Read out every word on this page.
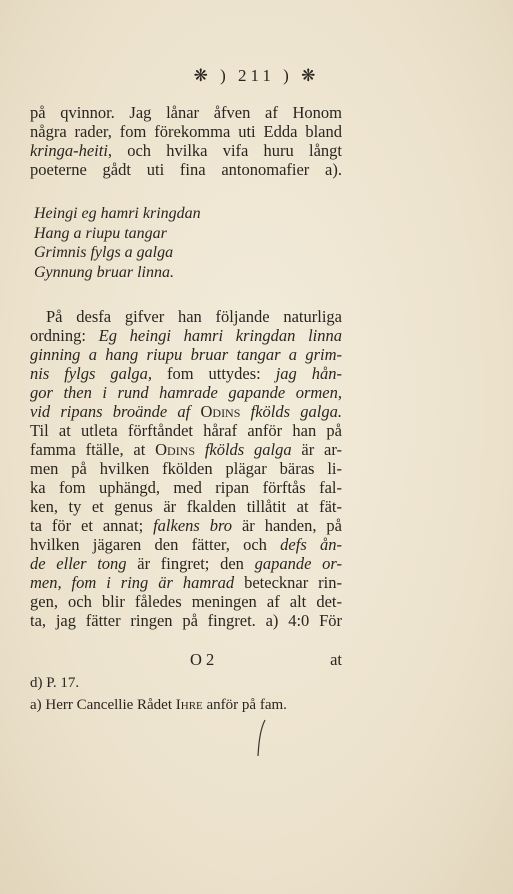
❋ ) 211 ) ❋
på qvinnor. Jag lånar åfven af Honom
några rader, fom förekomma uti Edda bland
kringa-heiti, och hvilka vifa huru långt
poeterne gådt uti fina antonomafier a).
Heingi eg hamri kringdan
Hang a riupu tangar
Grimnis fylgs a galga
Gynnung bruar linna.
På desfa gifver han följande naturliga
ordning: Eg heingi hamri kringdan linna
ginning a hang riupu bruar tangar a grim-
nis fylgs galga, fom uttydes: jag hån-
gor then i rund hamrade gapande ormen,
vid ripans broände af Odins fkölds galga.
Til at utleta förftåndet håraf anför han på
famma ftälle, at Odins fkölds galga är ar-
men på hvilken fkölden plägar bäras li-
ka fom uphängd, med ripan förftås fal-
ken, ty et genus är fkalden tillåtit at fät-
ta för et annat; falkens bro är handen, på
hvilken jägaren den fätter, och defs ån-
de eller tong är fingret; den gapande or-
men, fom i ring är hamrad betecknar rin-
gen, och blir fåledes meningen af alt det-
ta, jag fätter ringen på fingret. a) 4:0 För
O 2	at
d) P. 17.
a) Herr Cancellie Rådet Ihre anför på fam.
